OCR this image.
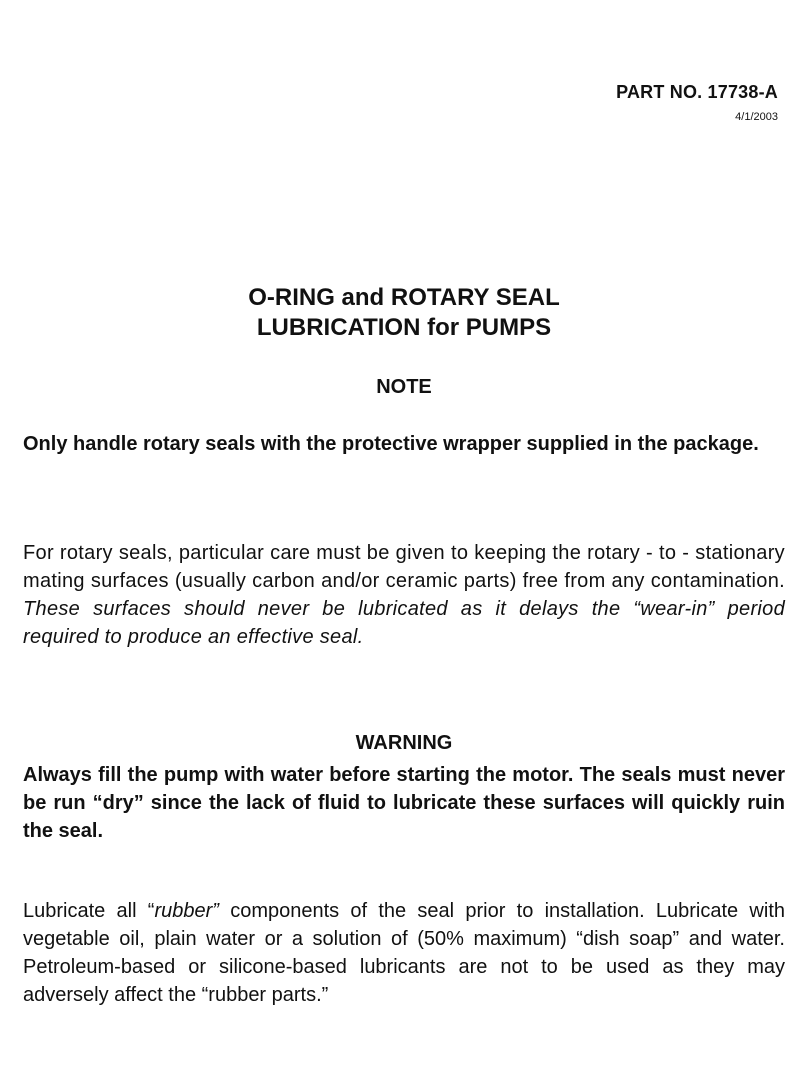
PART NO. 17738-A
4/1/2003
O-RING and ROTARY SEAL
LUBRICATION for PUMPS
NOTE
Only handle rotary seals with the protective wrapper supplied in the package.
For rotary seals, particular care must be given to keeping the rotary - to - stationary mating surfaces (usually carbon and/or ceramic parts) free from any contamination. These surfaces should never be lubricated as it delays the “wear-in” period required to produce an effective seal.
WARNING
Always fill the pump with water before starting the motor. The seals must never be run “dry” since the lack of fluid to lubricate these surfaces will quickly ruin the seal.
Lubricate all “rubber” components of the seal prior to installation. Lubricate with vegetable oil, plain water or a solution of (50% maximum) “dish soap” and water. Petroleum-based or silicone-based lubricants are not to be used as they may adversely affect the “rubber parts.”
